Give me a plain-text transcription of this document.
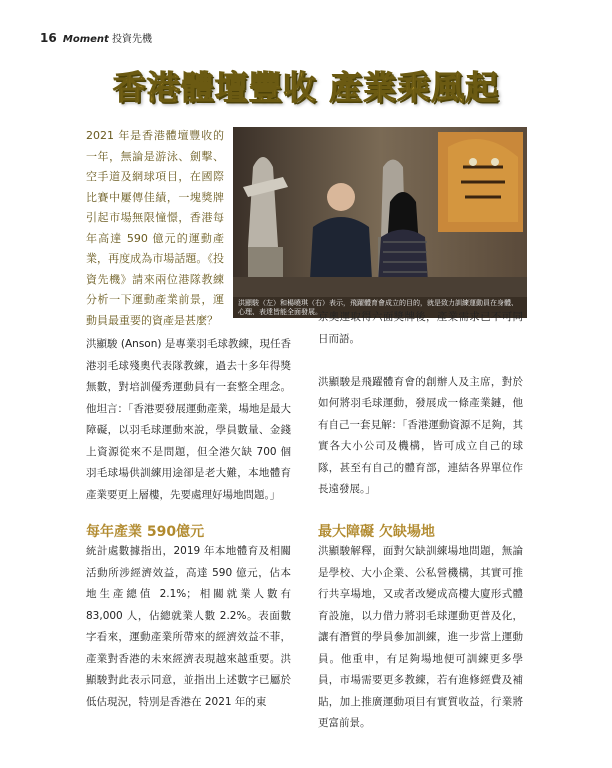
16 Moment 投資先機
香港體壇豐收 產業乘風起
2021 年是香港體壇豐收的一年，無論是游泳、劍擊、空手道及網球項目，在國際比賽中屢傳佳績，一塊獎牌引起市場無限憧憬，香港每年高達 590 億元的運動產業，再度成為市場話題。《投資先機》請來兩位港隊教練分析一下運動產業前景，運動員最重要的資產是甚麼？
洪顯駿（左）和楊曉琪（右）表示，飛躍體育會成立的目的，就是致力訓練運動員在身體、心理、表達皆能全面發展。

洪顯駿 (Anson) 是專業羽毛球教練，現任香港羽毛球殘奧代表隊教練，過去十多年得獎無數，對培訓優秀運動員有一套整全理念。他坦言：「香港要發展運動產業，場地是最大障礙，以羽毛球運動來說，學員數量、金錢上資源從來不是問題，但全港欠缺 700 個羽毛球場供訓練用途卻是老大難，本地體育產業要更上層樓，先要處理好場地問題。」

京奧運取得六面獎牌後，產業需求已不可同日而語。

洪顯駿是飛躍體育會的創辦人及主席，對於如何將羽毛球運動，發展成一條產業鏈，他有自己一套見解：「香港運動資源不足夠，其實各大小公司及機構，皆可成立自己的球隊，甚至有自己的體育部，連結各界單位作長遠發展。」

每年產業 590億元	最大障礙 欠缺場地

統計處數據指出，2019 年本地體育及相關活動所涉經濟效益，高達 590 億元，佔本地生產總值 2.1%；相關就業人數有 83,000 人，佔總就業人數 2.2%。表面數字看來，運動產業所帶來的經濟效益不菲，產業對香港的未來經濟表現越來越重要。洪顯駿對此表示同意，並指出上述數字已屬於低估現況，特別是香港在 2021 年的東

洪顯駿解釋，面對欠缺訓練場地問題，無論是學校、大小企業、公私營機構，其實可推行共享場地，又或者改變成高樓大廈形式體育設施，以力借力將羽毛球運動更普及化，讓有潛質的學員參加訓練，進一步當上運動員。他重申，有足夠場地便可訓練更多學員，市場需要更多教練，若有進修經費及補貼，加上推廣運動項目有實質收益，行業將更富前景。
